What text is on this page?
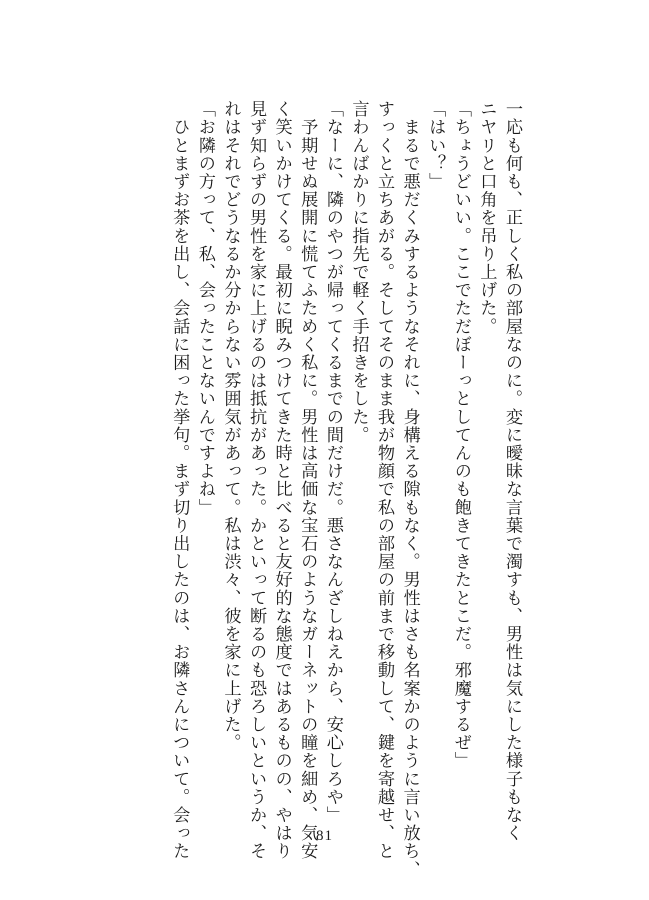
一応も何も、正しく私の部屋なのに。変に曖昧な言葉で濁すも、男性は気にした様子もなく

ニヤリと口角を吊り上げた。

「ちょうどいい。ここでただぼーっとしてんのも飽きてきたとこだ。邪魔するぜ」

「はい？」

　まるで悪だくみするようなそれに、身構える隙もなく。男性はさも名案かのように言い放ち、

すっくと立ちあがる。そしてそのまま我が物顔で私の部屋の前まで移動して、鍵を寄越せ、と

言わんばかりに指先で軽く手招きをした。

「なーに、隣のやつが帰ってくるまでの間だけだ。悪さなんざしねえから、安心しろや」

　予期せぬ展開に慌てふためく私に。男性は高価な宝石のようなガーネットの瞳を細め、気安

く笑いかけてくる。最初に睨みつけてきた時と比べると友好的な態度ではあるものの、やはり

見ず知らずの男性を家に上げるのは抵抗があった。かといって断るのも恐ろしいというか、そ

れはそれでどうなるか分からない雰囲気があって。私は渋々、彼を家に上げた。

「お隣の方って、私、会ったことないんですよね」

　ひとまずお茶を出し、会話に困った挙句。まず切り出したのは、お隣さんについて。会った	81
